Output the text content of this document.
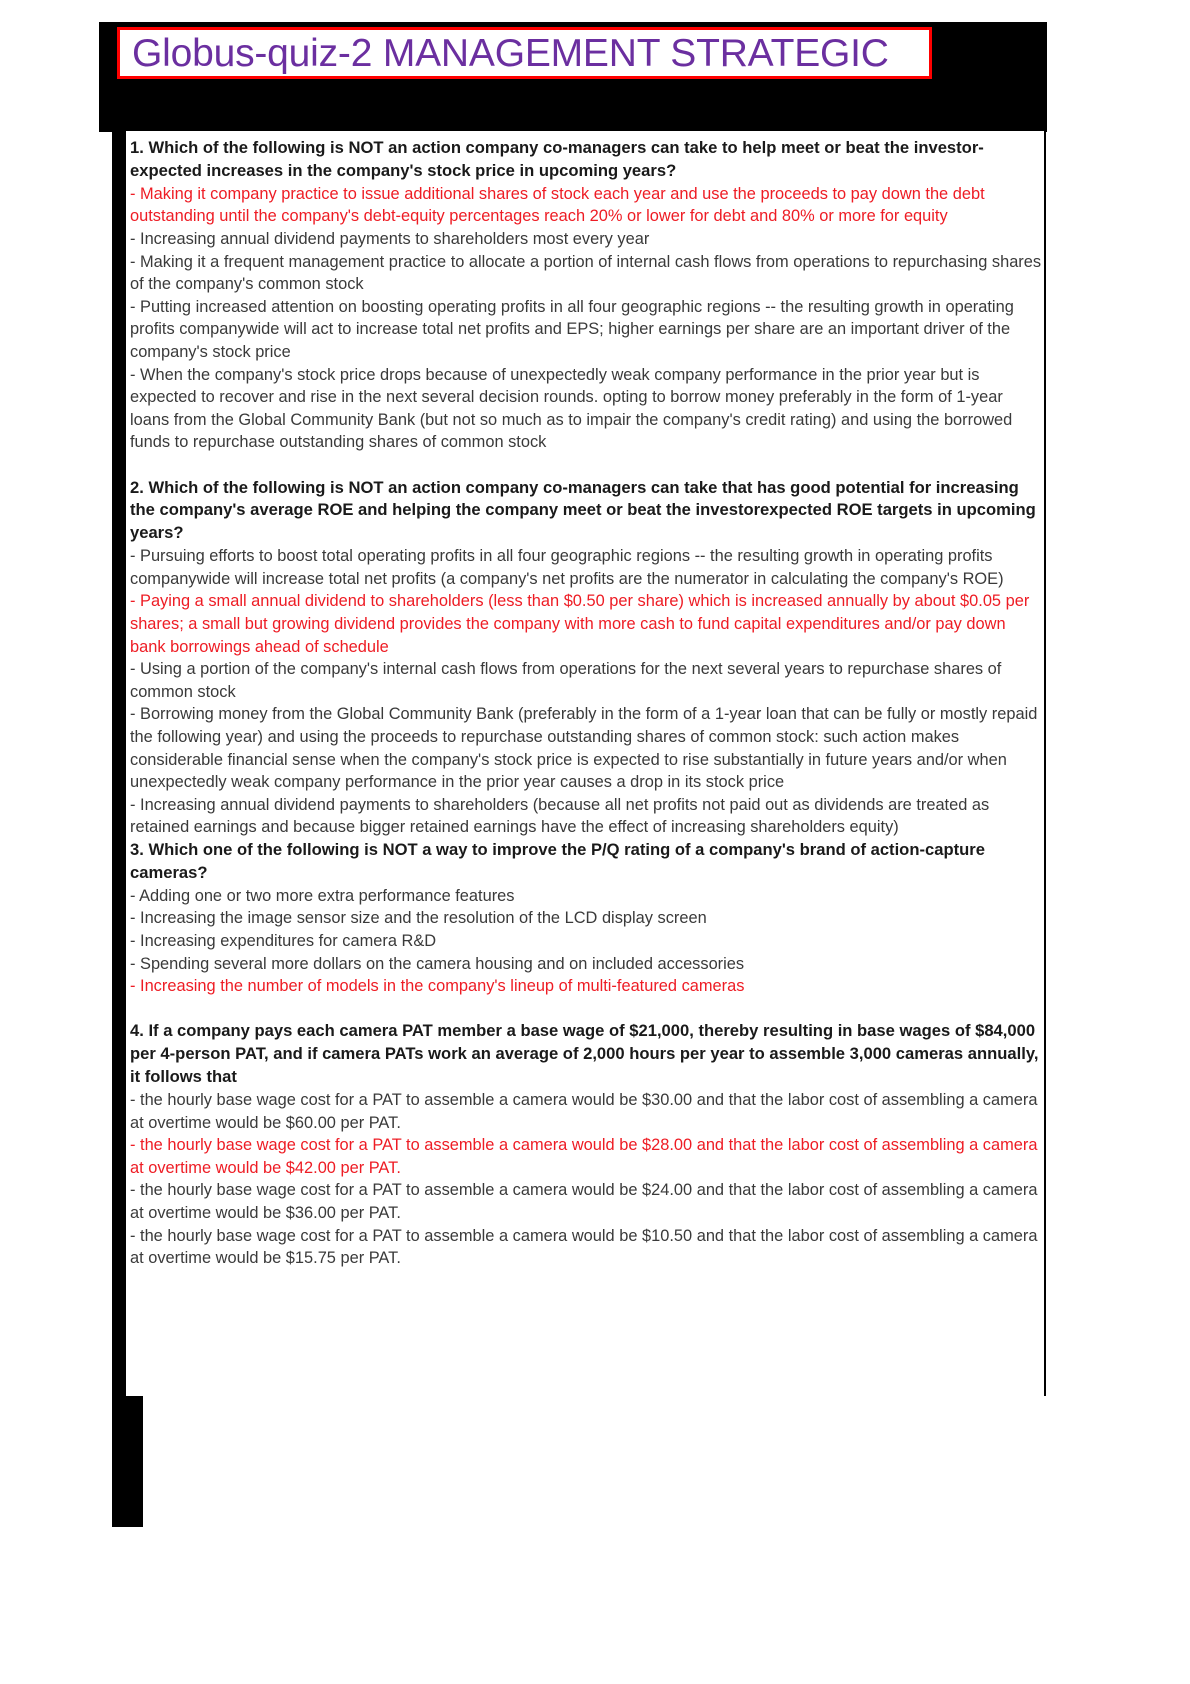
Globus-quiz-2 MANAGEMENT STRATEGIC

1. Which of the following is NOT an action company co-managers can take to help meet or beat the investor-expected increases in the company's stock price in upcoming years?

- Making it company practice to issue additional shares of stock each year and use the proceeds to pay down the debt outstanding until the company's debt-equity percentages reach 20% or lower for debt and 80% or more for equity

- Increasing annual dividend payments to shareholders most every year

- Making it a frequent management practice to allocate a portion of internal cash flows from operations to repurchasing shares of the company's common stock

- Putting increased attention on boosting operating profits in all four geographic regions -- the resulting growth in operating profits companywide will act to increase total net profits and EPS; higher earnings per share are an important driver of the company's stock price

- When the company's stock price drops because of unexpectedly weak company performance in the prior year but is expected to recover and rise in the next several decision rounds. opting to borrow money preferably in the form of 1-year loans from the Global Community Bank (but not so much as to impair the company's credit rating) and using the borrowed funds to repurchase outstanding shares of common stock

2. Which of the following is NOT an action company co-managers can take that has good potential for increasing the company's average ROE and helping the company meet or beat the investorexpected ROE targets in upcoming years?

- Pursuing efforts to boost total operating profits in all four geographic regions -- the resulting growth in operating profits companywide will increase total net profits (a company's net profits are the numerator in calculating the company's ROE)

- Paying a small annual dividend to shareholders (less than $0.50 per share) which is increased annually by about $0.05 per shares; a small but growing dividend provides the company with more cash to fund capital expenditures and/or pay down bank borrowings ahead of schedule

- Using a portion of the company's internal cash flows from operations for the next several years to repurchase shares of common stock

- Borrowing money from the Global Community Bank (preferably in the form of a 1-year loan that can be fully or mostly repaid the following year) and using the proceeds to repurchase outstanding shares of common stock: such action makes considerable financial sense when the company's stock price is expected to rise substantially in future years and/or when unexpectedly weak company performance in the prior year causes a drop in its stock price

- Increasing annual dividend payments to shareholders (because all net profits not paid out as dividends are treated as retained earnings and because bigger retained earnings have the effect of increasing shareholders equity)

3. Which one of the following is NOT a way to improve the P/Q rating of a company's brand of action-capture cameras?

- Adding one or two more extra performance features

- Increasing the image sensor size and the resolution of the LCD display screen

- Increasing expenditures for camera R&D

- Spending several more dollars on the camera housing and on included accessories

- Increasing the number of models in the company's lineup of multi-featured cameras

4. If a company pays each camera PAT member a base wage of $21,000, thereby resulting in base wages of $84,000 per 4-person PAT, and if camera PATs work an average of 2,000 hours per year to assemble 3,000 cameras annually, it follows that

- the hourly base wage cost for a PAT to assemble a camera would be $30.00 and that the labor cost of assembling a camera at overtime would be $60.00 per PAT.

- the hourly base wage cost for a PAT to assemble a camera would be $28.00 and that the labor cost of assembling a camera at overtime would be $42.00 per PAT.

- the hourly base wage cost for a PAT to assemble a camera would be $24.00 and that the labor cost of assembling a camera at overtime would be $36.00 per PAT.

- the hourly base wage cost for a PAT to assemble a camera would be $10.50 and that the labor cost of assembling a camera at overtime would be $15.75 per PAT.
